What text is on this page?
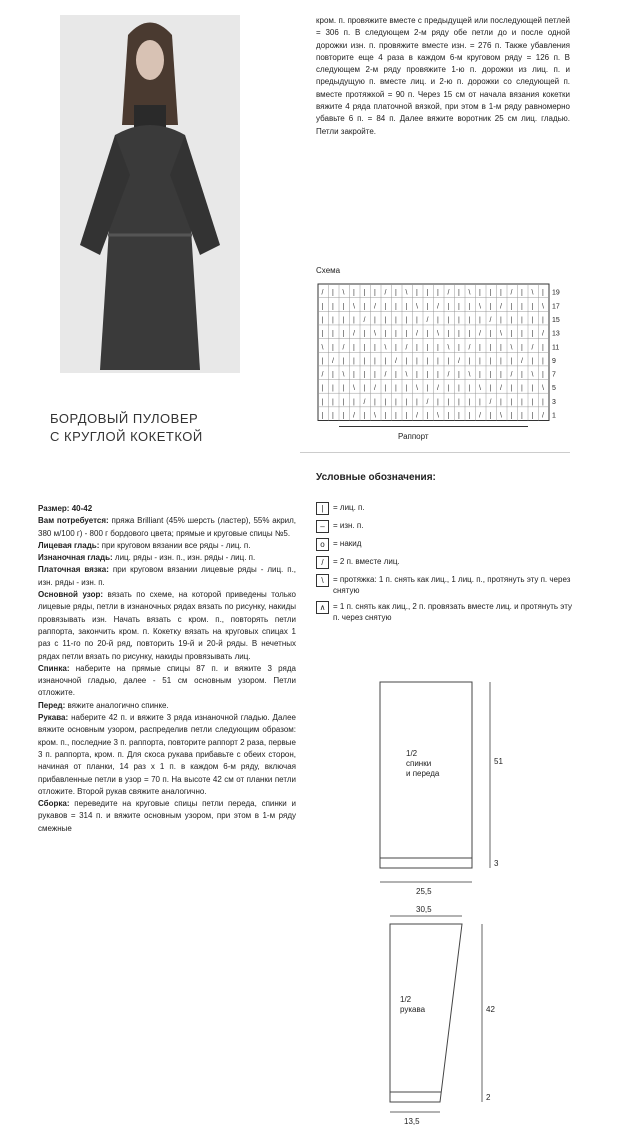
БОРДОВЫЙ ПУЛОВЕР
С КРУГЛОЙ КОКЕТКОЙ

Размер: 40-42

Вам потребуется: пряжа Brilliant (45% шерсть (ластер), 55% акрил, 380 м/100 г) - 800 г бордового цвета; прямые и круговые спицы №5.

Лицевая гладь: при круговом вязании все ряды - лиц. п.

Изнаночная гладь: лиц. ряды - изн. п., изн. ряды - лиц. п.

Платочная вязка: при круговом вязании лицевые ряды - лиц. п., изн. ряды - изн. п.

Основной узор: вязать по схеме, на которой приведены только лицевые ряды, петли в изнаночных рядах вязать по рисунку, накиды провязывать изн. Начать вязать с кром. п., повторять петли раппорта, закончить кром. п. Кокетку вязать на круговых спицах 1 раз с 11-го по 20-й ряд, повторить 19-й и 20-й ряды. В нечетных рядах петли вязать по рисунку, накиды провязывать лиц.

Спинка: наберите на прямые спицы 87 п. и вяжите 3 ряда изнаночной гладью, далее - 51 см основным узором. Петли отложите.

Перед: вяжите аналогично спинке.

Рукава: наберите 42 п. и вяжите 3 ряда изнаночной гладью. Далее вяжите основным узором, распределив петли следующим образом: кром. п., последние 3 п. раппорта, повторите раппорт 2 раза, первые 3 п. раппорта, кром. п. Для скоса рукава прибавьте с обеих сторон, начиная от планки, 14 раз x 1 п. в каждом 6-м ряду, включая прибавленные петли в узор = 70 п. На высоте 42 см от планки петли отложите. Второй рукав свяжите аналогично.

Сборка: переведите на круговые спицы петли переда, спинки и рукавов = 314 п. и вяжите основным узором, при этом в 1-м ряду смежные

кром. п. провяжите вместе с предыдущей или последующей петлей = 306 п. В следующем 2-м ряду обе петли до и после одной дорожки изн. п. провяжите вместе изн. = 276 п. Также убавления повторите еще 4 раза в каждом 6-м круговом ряду = 126 п. В следующем 2-м ряду провяжите 1-ю п. дорожки из лиц. п. и предыдущую п. вместе лиц. и 2-ю п. дорожки со следующей п. вместе протяжкой = 90 п. Через 15 см от начала вязания кокетки вяжите 4 ряда платочной вязкой, при этом в 1-м ряду равномерно убавьте 6 п. = 84 п. Далее вяжите воротник 25 см лиц. гладью. Петли закройте.

Схема
/ | \ | | | / | \ | | | / | \ | | | / | \ | 19
| | | \ | / | | | \ | / | | | \ | / | | | \ 17
| | | | / | | | | | / | | | | | / | | | | | 15
| | | / | \ | | | / | \ | | | / | \ | | | / 13
\ | / | | | \ | / | | | \ | / | | | \ | / | 11
| / | | | | | / | | | | | / | | | | | / | | 9
/ | \ | | | / | \ | | | / | \ | | | / | \ | 7
| | | \ | / | | | \ | / | | | \ | / | | | \ 5
| | | | / | | | | | / | | | | | / | | | | | 3
| | | / | \ | | | / | \ | | | / | \ | | | / 1
Раппорт
Условные обозначения:
|	= лиц. п.
–	= изн. п.
o	= накид
/	= 2 п. вместе лиц.
\	= протяжка: 1 п. снять как лиц., 1 лиц. п., протянуть эту п. через снятую
∧ = 1 п. снять как лиц., 2 п. провязать вместе лиц. и протянуть эту п. через снятую
1/2
спинки
и переда
51
3
25,5
30,5
1/2
рукава	42
2
13,5
